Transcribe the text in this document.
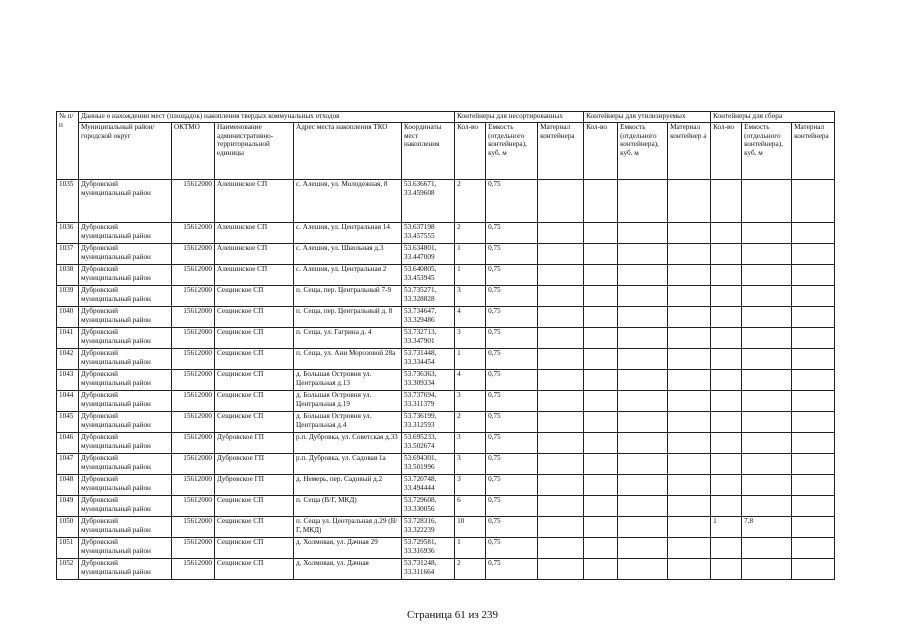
№ п/п	Данные о нахождении мест (площадок) накопления твердых коммунальных отходов					Контейнеры для несортированных			Контейнеры для утилизируемых			Контейнеры для сбора		
	Муниципальный район/городской округ	ОКТМО	Наименование административно-территориальной единицы	Адрес места накопления ТКО	Координаты мест накопления	Кол-во	Емкость (отдельного контейнера), куб. м	Материал контейнера	Кол-во	Емкость (отдельного контейнера), куб. м	Материал контейнер а	Кол-во	Емкость (отдельного контейнера), куб. м	Материал контейнера
1035	Дубровский муниципальный район	15612000	Алешинское СП	с. Алешня, ул. Молодежная, 8	53.636671, 33.459608	2	0,75							
1036	Дубровский муниципальный район	15612000	Алешинское СП	с. Алешня, ул. Центральная 14	53.637198 33.457555	2	0,75							
1037	Дубровский муниципальный район	15612000	Алешинское СП	с. Алешня, ул. Школьная д.3	53.634801, 33.447009	1	0,75							
1038	Дубровский муниципальный район	15612000	Алешинское СП	с. Алешня, ул. Центральная 2	53.640805, 33.453945	1	0,75							
1039	Дубровский муниципальный район	15612000	Сещинское СП	п. Сеща, пер. Центральный 7-9	53.735271, 33.328828	3	0,75							
1040	Дубровский муниципальный район	15612000	Сещинское СП	п. Сеща, пер. Центральный д. 8	53.734647, 33.329486	4	0,75							
1041	Дубровский муниципальный район	15612000	Сещинское СП	п. Сеща, ул. Гагрина д. 4	53.732713, 33.347901	3	0,75							
1042	Дубровский муниципальный район	15612000	Сещинское СП	п. Сеща, ул. Ани Морозовой 28а	53.731448, 33.334454	1	0,75							
1043	Дубровский муниципальный район	15612000	Сещинское СП	д. Большая Островня ул. Центральная д.13	53.736363, 33.309334	4	0,75							
1044	Дубровский муниципальный район	15612000	Сещинское СП	д. Большая Островня ул. Центральная д.19	53.737694, 33.311379	3	0,75							
1045	Дубровский муниципальный район	15612000	Сещинское СП	д. Большая Островня ул. Центральная д.4	53.736199, 33.312593	2	0,75							
1046	Дубровский муниципальный район	15612000	Дубровское ГП	р.п. Дубровка, ул. Советская д.33	53.695233, 33.502674	3	0,75							
1047	Дубровский муниципальный район	15612000	Дубровское ГП	р.п. Дубровка, ул. Садовая 1а	53.694301, 33.501996	3	0,75							
1048	Дубровский муниципальный район	15612000	Дубровское ГП	д. Немерь, пер. Садовый д.2	53.720748, 33.494444	3	0,75							
1049	Дубровский муниципальный район	15612000	Сещинское СП	п. Сеща (В/Г, МКД)	53.729608, 33.330056	6	0,75							
1050	Дубровский муниципальный район	15612000	Сещинское СП	п. Сеща ул. Центральная д.29 (В/Г, МКД)	53.728316, 33.322239	10	0,75					1	7,8	
1051	Дубровский муниципальный район	15612000	Сещинское СП	д. Холмовая, ул. Дачная 29	53.729581, 33.316936	1	0,75							
1052	Дубровский муниципальный район	15612000	Сещинское СП	д. Холмовая, ул. Дачная	53.731248, 33.311664	2	0,75							
Страница 61 из 239
